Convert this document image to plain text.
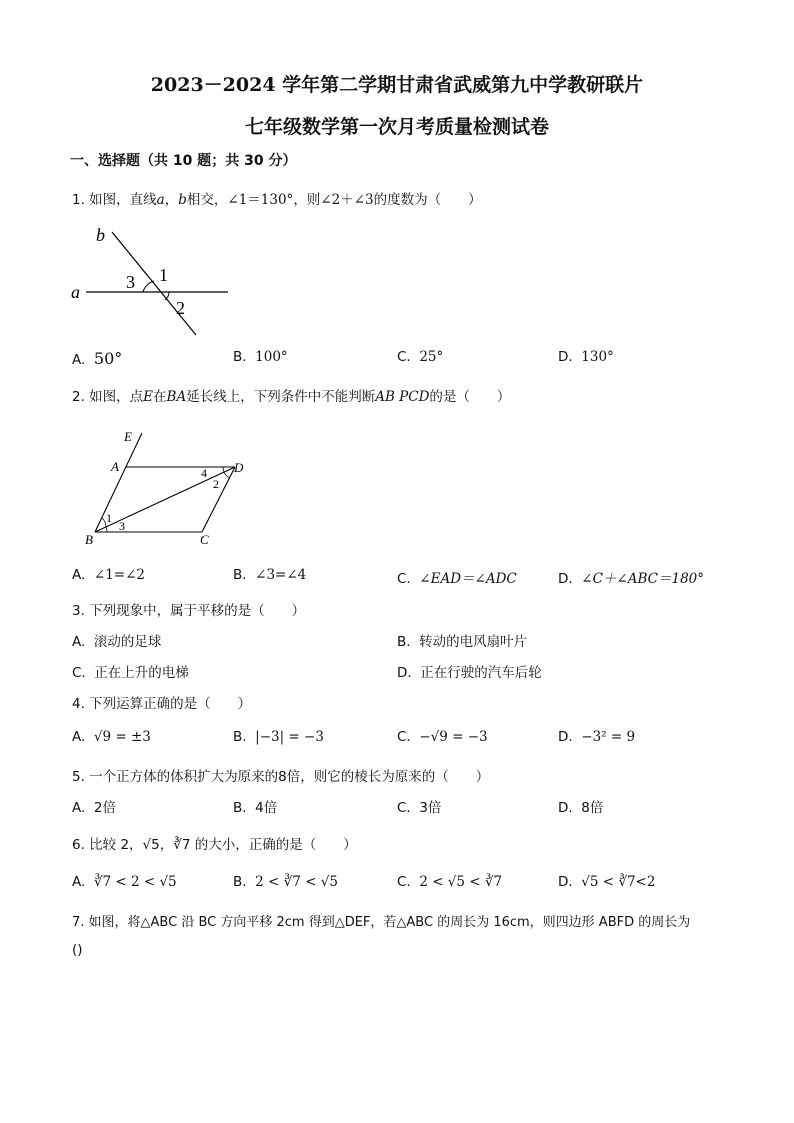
2023－2024 学年第二学期甘肃省武威第九中学教研联片
七年级数学第一次月考质量检测试卷
一、选择题（共 10 题；共 30 分）
1. 如图，直线a，b相交，∠1＝130°，则∠2＋∠3的度数为（　　）
b
a
1
2
3
A. 50°	B. 100°	C. 25°	D. 130°
2. 如图，点E在BA延长线上，下列条件中不能判断AB PCD的是（　　）
E
A	D
B	C
1
2
3
4
A. ∠1=∠2	B. ∠3=∠4	C. ∠EAD＝∠ADC	D. ∠C＋∠ABC＝180°
3. 下列现象中，属于平移的是（　　）
A. 滚动的足球	B. 转动的电风扇叶片
C. 正在上升的电梯	D. 正在行驶的汽车后轮
4. 下列运算正确的是（　　）
A. √9 = ±3	B. |−3| = −3	C. −√9 = −3	D. −3² = 9
5. 一个正方体的体积扩大为原来的8倍，则它的棱长为原来的（　　）
A. 2倍	B. 4倍	C. 3倍	D. 8倍
6. 比较 2，√5，∛7 的大小，正确的是（　　）
A. ∛7 < 2 < √5	B. 2 < ∛7 < √5	C. 2 < √5 < ∛7	D. √5 < ∛7<2
7. 如图，将△ABC 沿 BC 方向平移 2cm 得到△DEF，若△ABC 的周长为 16cm，则四边形 ABFD 的周长为
()
